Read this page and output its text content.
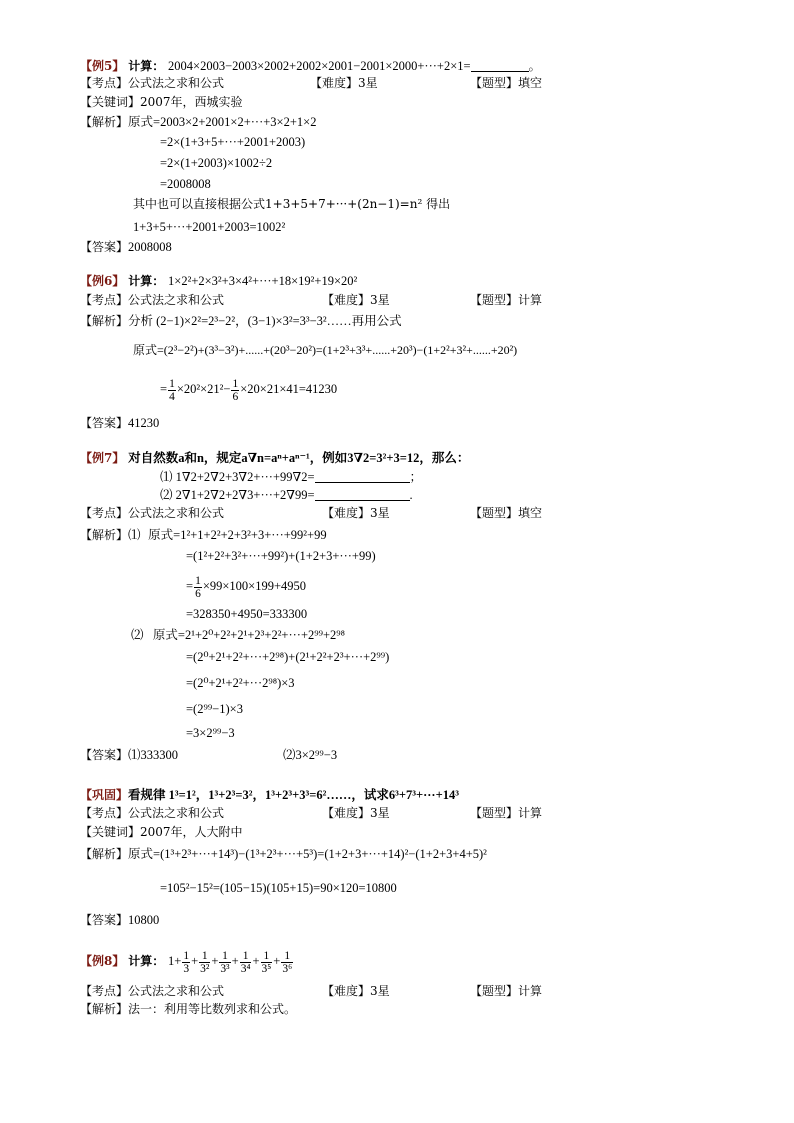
【例5】 计算： 2004×2003−2003×2002+2002×2001−2001×2000+···+2×1=	。
【考点】公式法之求和公式	【难度】3星	【题型】填空
【关键词】2007年，西城实验
【解析】原式=2003×2+2001×2+···+3×2+1×2
=2×(1+3+5+···+2001+2003)
=2×(1+2003)×1002÷2
=2008008
其中也可以直接根据公式1+3+5+7+···+(2n−1)=n² 得出
1+3+5+···+2001+2003=1002²
【答案】2008008
【例6】 计算： 1×2²+2×3²+3×4²+···+18×19²+19×20²
【考点】公式法之求和公式	【难度】3星	【题型】计算
【解析】分析 (2−1)×2²=2³−2²，(3−1)×3²=3³−3²……再用公式
原式=(2³−2²)+(3³−3²)+......+(20³−20²)=(1+2³+3³+......+20³)−(1+2²+3²+......+20²)
= $\frac{1}{4} \times 20^2\times 21^2- \frac{1}{6} \times 20\times 21\times 41=41230$
【答案】41230
【例7】 对自然数a和n，规定a∇n=aⁿ+aⁿ⁻¹，例如3∇2=3²+3=12，那么：
⑴ 1∇2+2∇2+3∇2+···+99∇2=	；
⑵ 2∇1+2∇2+2∇3+···+2∇99=	.
【考点】公式法之求和公式	【难度】3星	【题型】填空
【解析】⑴ 原式=1²+1+2²+2+3²+3+···+99²+99
=(1²+2²+3²+···+99²)+(1+2+3+···+99)
= $\frac{1}{6} \times 99\times 100\times 199+4950$
=328350+4950=333300
⑵ 原式=2¹+2⁰+2²+2¹+2³+2²+···+2⁹⁹+2⁹⁸
=(2⁰+2¹+2²+···+2⁹⁸)+(2¹+2²+2³+···+2⁹⁹)
=(2⁰+2¹+2²+···2⁹⁸)×3
=(2⁹⁹−1)×3
=3×2⁹⁹−3
【答案】⑴333300	⑵3×2⁹⁹−3
【巩固】看规律 1³=1²，1³+2³=3²，1³+2³+3³=6²……，试求6³+7³+···+14³
【考点】公式法之求和公式	【难度】3星	【题型】计算
【关键词】2007年，人大附中
【解析】原式=(1³+2³+···+14³)−(1³+2³+···+5³)=(1+2+3+···+14)²−(1+2+3+4+5)²
=105²−15²=(105−15)(105+15)=90×120=10800
【答案】10800
【例8】 计算： $1+ \frac{1}{3} + \frac{1}{\text{3²}} + \frac{1}{\text{3³}} + \frac{1}{\text{3⁴}} + \frac{1}{\text{3⁵}} + \frac{1}{\text{3⁶}}$
【考点】公式法之求和公式	【难度】3星	【题型】计算
【解析】法一：利用等比数列求和公式。
